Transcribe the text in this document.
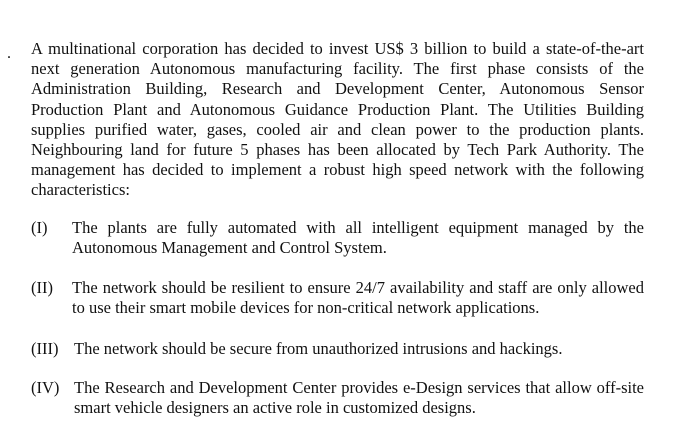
. A multinational corporation has decided to invest US$ 3 billion to build a state-of-the-art next generation Autonomous manufacturing facility. The first phase consists of the Administration Building, Research and Development Center, Autonomous Sensor Production Plant and Autonomous Guidance Production Plant. The Utilities Building supplies purified water, gases, cooled air and clean power to the production plants. Neighbouring land for future 5 phases has been allocated by Tech Park Authority. The management has decided to implement a robust high speed network with the following characteristics:

(I)	The plants are fully automated with all intelligent equipment managed by the Autonomous Management and Control System.

(II)	The network should be resilient to ensure 24/7 availability and staff are only allowed to use their smart mobile devices for non-critical network applications.

(III) The network should be secure from unauthorized intrusions and hackings.

(IV) The Research and Development Center provides e-Design services that allow off-site smart vehicle designers an active role in customized designs.
